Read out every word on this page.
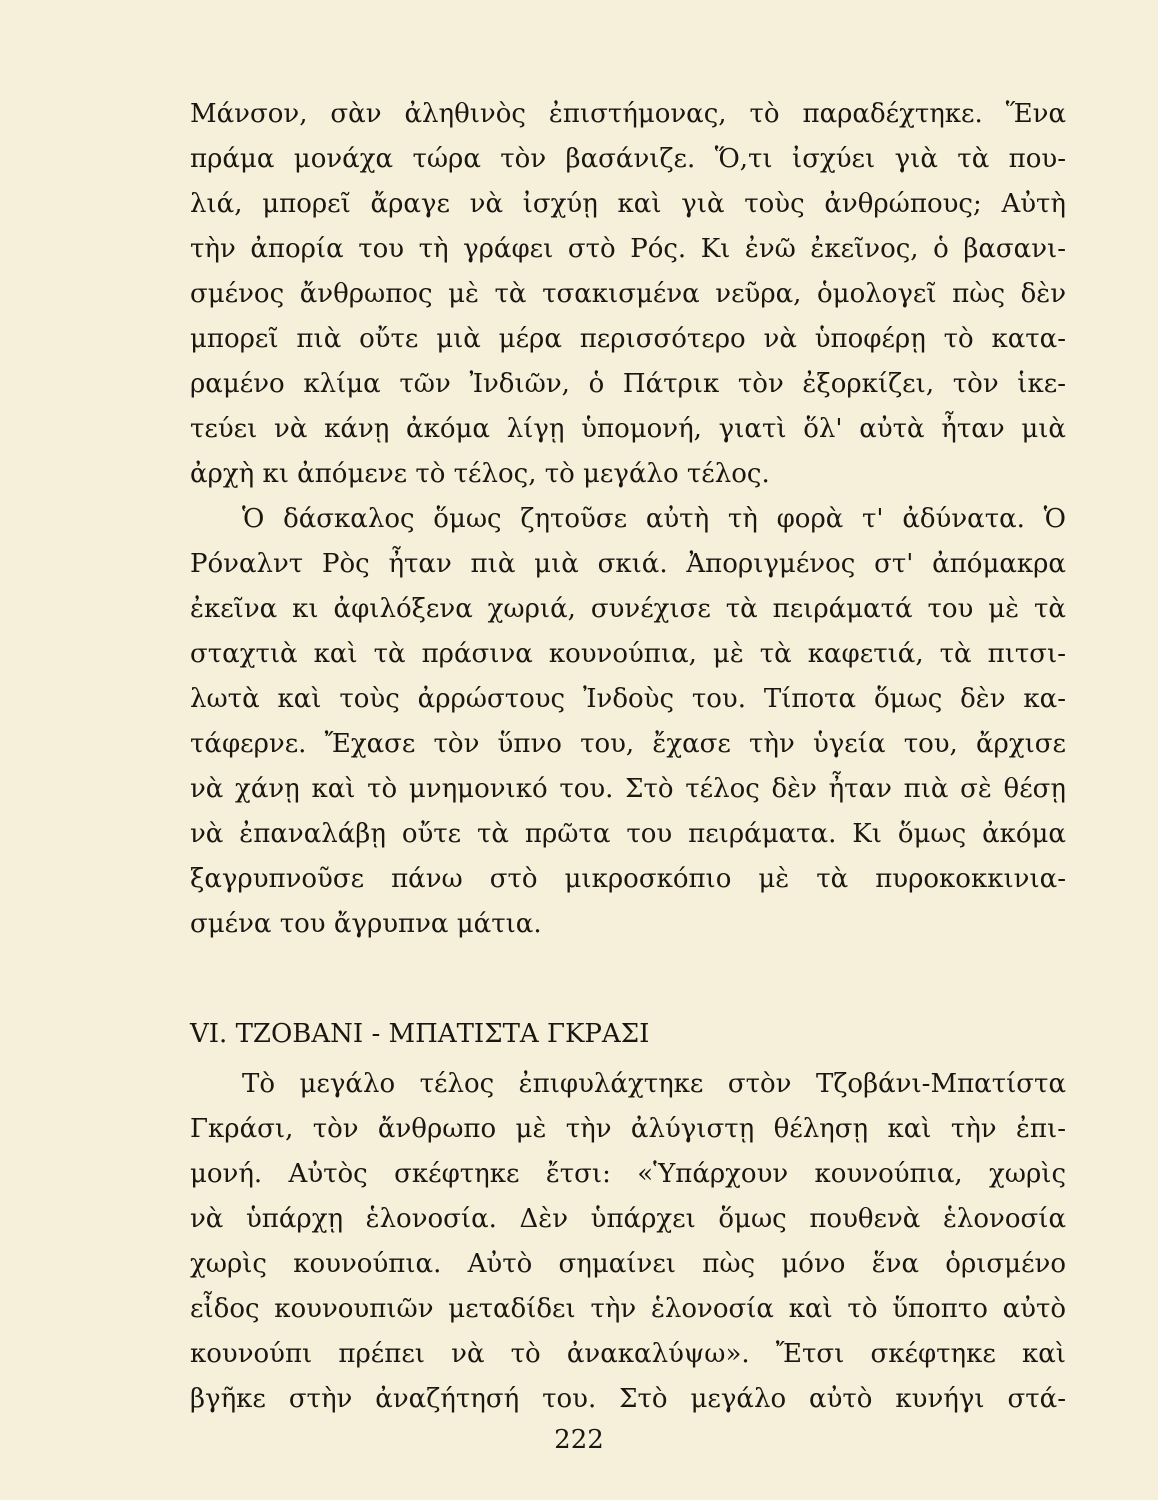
Μάνσον, σὰν ἀληθινὸς ἐπιστήμονας, τὸ παραδέχτηκε. Ἕνα
πράμα μονάχα τώρα τὸν βασάνιζε. Ὅ,τι ἰσχύει γιὰ τὰ που-
λιά, μπορεῖ ἄραγε νὰ ἰσχύῃ καὶ γιὰ τοὺς ἀνθρώπους; Αὐτὴ
τὴν ἀπορία του τὴ γράφει στὸ Ρός. Κι ἐνῶ ἐκεῖνος, ὁ βασανι-
σμένος ἄνθρωπος μὲ τὰ τσακισμένα νεῦρα, ὁμολογεῖ πὼς δὲν
μπορεῖ πιὰ οὔτε μιὰ μέρα περισσότερο νὰ ὑποφέρῃ τὸ κατα-
ραμένο κλίμα τῶν Ἰνδιῶν, ὁ Πάτρικ τὸν ἐξορκίζει, τὸν ἱκε-
τεύει νὰ κάνῃ ἀκόμα λίγῃ ὑπομονή, γιατὶ ὅλ' αὐτὰ ἦταν μιὰ
ἀρχὴ κι ἀπόμενε τὸ τέλος, τὸ μεγάλο τέλος.
Ὁ δάσκαλος ὅμως ζητοῦσε αὐτὴ τὴ φορὰ τ' ἀδύνατα. Ὁ
Ρόναλντ Ρὸς ἦταν πιὰ μιὰ σκιά. Ἀποριγμένος στ' ἀπόμακρα
ἐκεῖνα κι ἀφιλόξενα χωριά, συνέχισε τὰ πειράματά του μὲ τὰ
σταχτιὰ καὶ τὰ πράσινα κουνούπια, μὲ τὰ καφετιά, τὰ πιτσι-
λωτὰ καὶ τοὺς ἀρρώστους Ἰνδοὺς του. Τίποτα ὅμως δὲν κα-
τάφερνε. Ἔχασε τὸν ὕπνο του, ἔχασε τὴν ὑγεία του, ἄρχισε
νὰ χάνῃ καὶ τὸ μνημονικό του. Στὸ τέλος δὲν ἦταν πιὰ σὲ θέσῃ
νὰ ἐπαναλάβῃ οὔτε τὰ πρῶτα του πειράματα. Κι ὅμως ἀκόμα
ξαγρυπνοῦσε πάνω στὸ μικροσκόπιο μὲ τὰ πυροκοκκινια-
σμένα του ἄγρυπνα μάτια.
VI. ΤΖΟΒΑΝΙ - ΜΠΑΤΙΣΤΑ ΓΚΡΑΣΙ
Τὸ μεγάλο τέλος ἐπιφυλάχτηκε στὸν Τζοβάνι-Μπατίστα
Γκράσι, τὸν ἄνθρωπο μὲ τὴν ἀλύγιστῃ θέλησῃ καὶ τὴν ἐπι-
μονή. Αὐτὸς σκέφτηκε ἔτσι: «Ὑπάρχουν κουνούπια, χωρὶς
νὰ ὑπάρχῃ ἑλονοσία. Δὲν ὑπάρχει ὅμως πουθενὰ ἑλονοσία
χωρὶς κουνούπια. Αὐτὸ σημαίνει πὼς μόνο ἕνα ὁρισμένο
εἶδος κουνουπιῶν μεταδίδει τὴν ἑλονοσία καὶ τὸ ὕποπτο αὐτὸ
κουνούπι πρέπει νὰ τὸ ἀνακαλύψω». Ἔτσι σκέφτηκε καὶ
βγῆκε στὴν ἀναζήτησή του. Στὸ μεγάλο αὐτὸ κυνήγι στά-
222
